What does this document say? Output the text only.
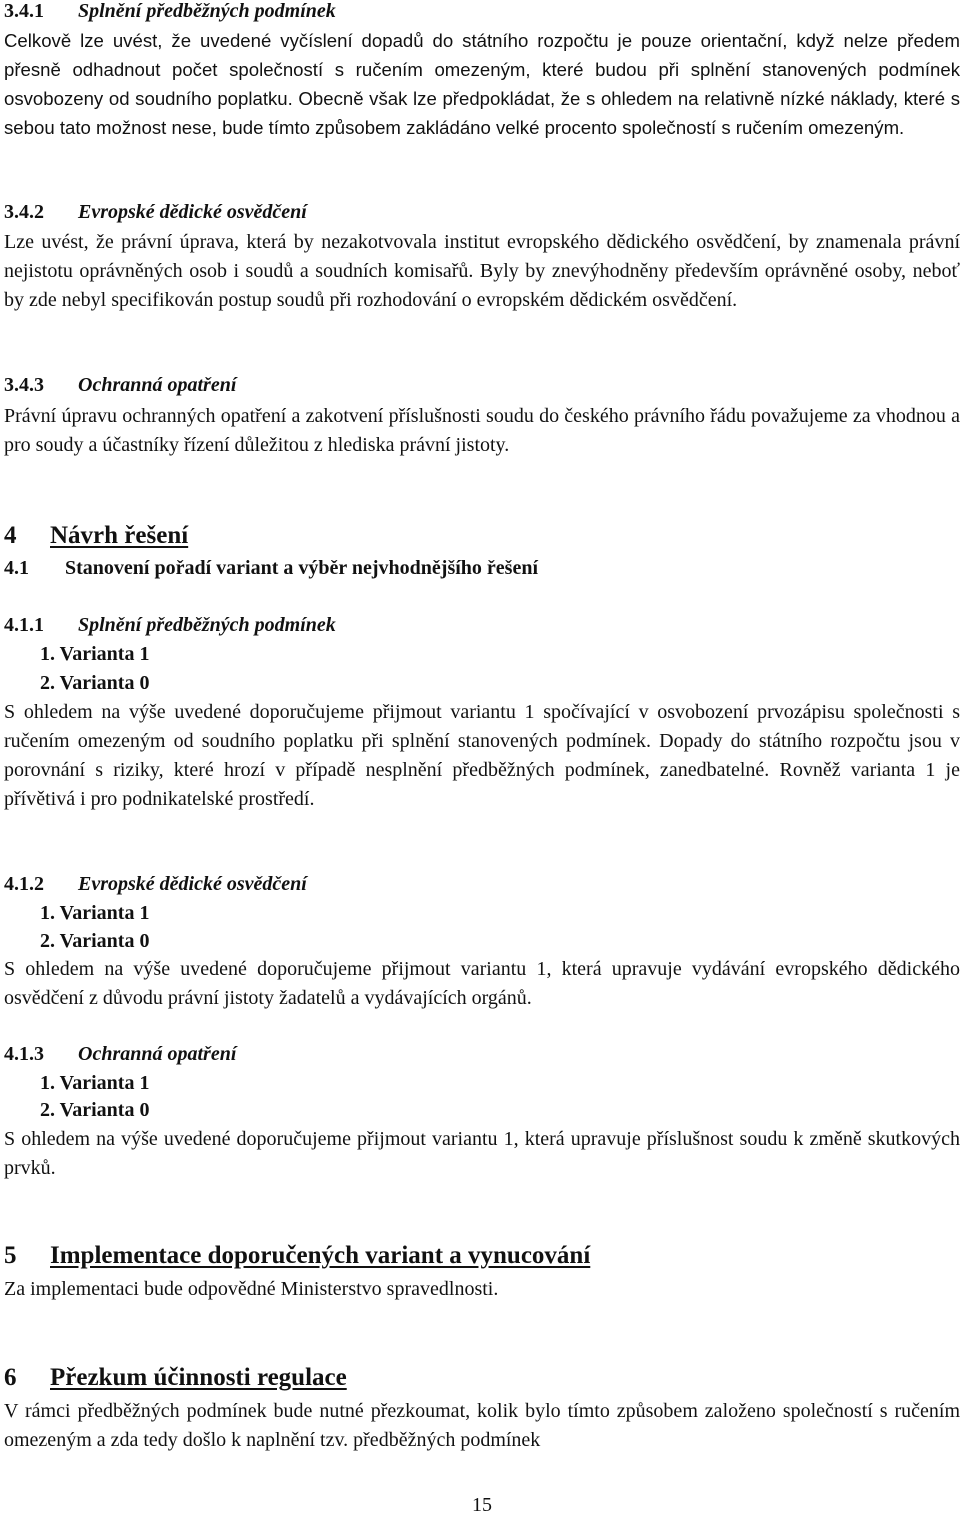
3.4.1 Splnění předběžných podmínek
Celkově lze uvést, že uvedené vyčíslení dopadů do státního rozpočtu je pouze orientační, když nelze předem přesně odhadnout počet společností s ručením omezeným, které budou při splnění stanovených podmínek osvobozeny od soudního poplatku. Obecně však lze předpokládat, že s ohledem na relativně nízké náklady, které s sebou tato možnost nese, bude tímto způsobem zakládáno velké procento společností s ručením omezeným.
3.4.2 Evropské dědické osvědčení
Lze uvést, že právní úprava, která by nezakotvovala institut evropského dědického osvědčení, by znamenala právní nejistotu oprávněných osob i soudů a soudních komisařů. Byly by znevýhodněny především oprávněné osoby, neboť by zde nebyl specifikován postup soudů při rozhodování o evropském dědickém osvědčení.
3.4.3 Ochranná opatření
Právní úpravu ochranných opatření a zakotvení příslušnosti soudu do českého právního řádu považujeme za vhodnou a pro soudy a účastníky řízení důležitou z hlediska právní jistoty.
4 Návrh řešení
4.1 Stanovení pořadí variant a výběr nejvhodnějšího řešení
4.1.1 Splnění předběžných podmínek
1. Varianta 1
2. Varianta 0
S ohledem na výše uvedené doporučujeme přijmout variantu 1 spočívající v osvobození prvozápisu společnosti s ručením omezeným od soudního poplatku při splnění stanovených podmínek. Dopady do státního rozpočtu jsou v porovnání s riziky, které hrozí v případě nesplnění předběžných podmínek, zanedbatelné. Rovněž varianta 1 je přívětivá i pro podnikatelské prostředí.
4.1.2 Evropské dědické osvědčení
1. Varianta 1
2. Varianta 0
S ohledem na výše uvedené doporučujeme přijmout variantu 1, která upravuje vydávání evropského dědického osvědčení z důvodu právní jistoty žadatelů a vydávajících orgánů.
4.1.3 Ochranná opatření
1. Varianta 1
2. Varianta 0
S ohledem na výše uvedené doporučujeme přijmout variantu 1, která upravuje příslušnost soudu k změně skutkových prvků.
5 Implementace doporučených variant a vynucování
Za implementaci bude odpovědné Ministerstvo spravedlnosti.
6 Přezkum účinnosti regulace
V rámci předběžných podmínek bude nutné přezkoumat, kolik bylo tímto způsobem založeno společností s ručením omezeným a zda tedy došlo k naplnění tzv. předběžných podmínek
15
